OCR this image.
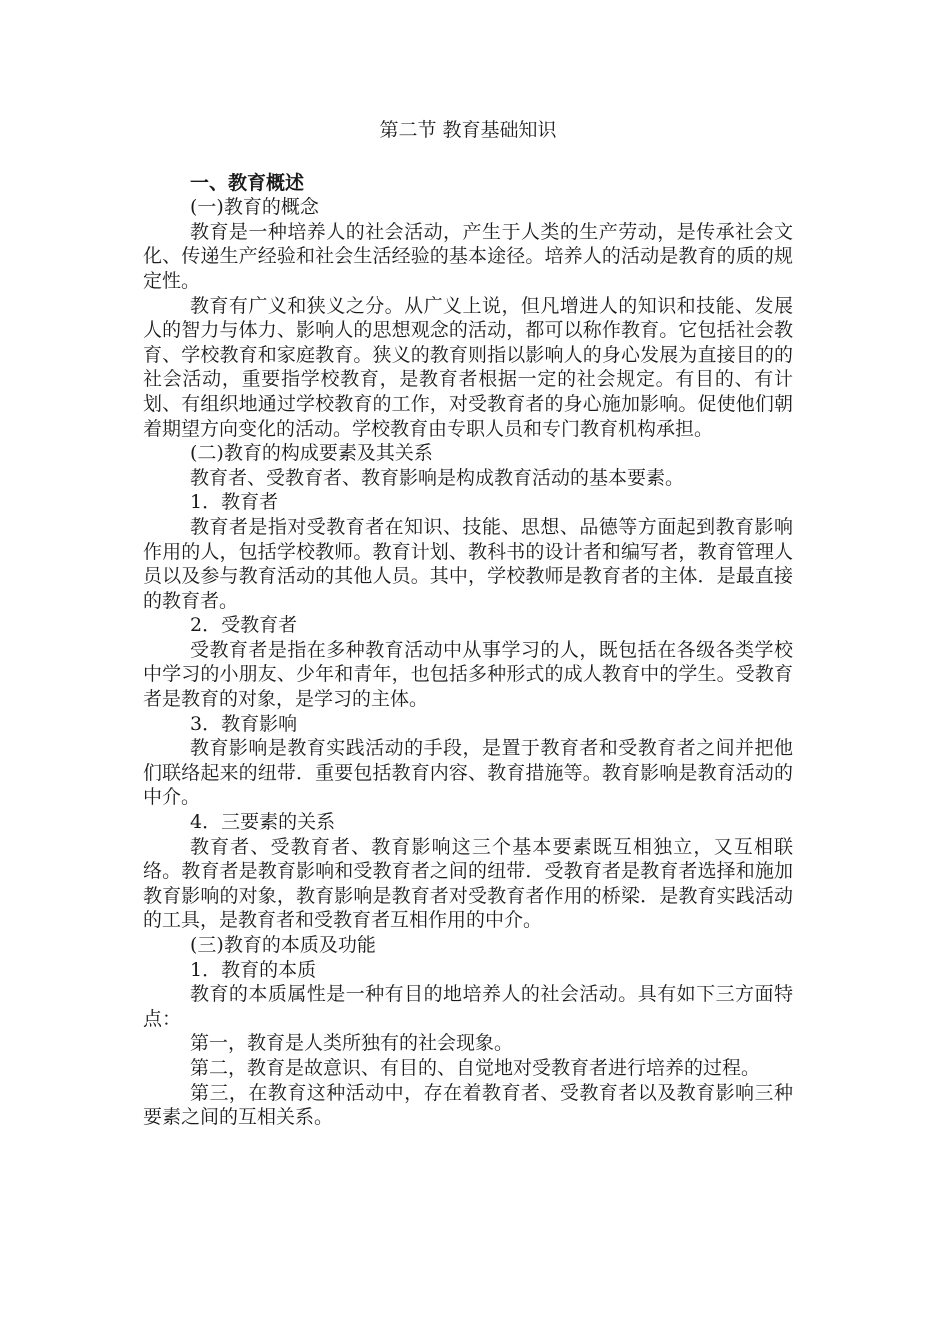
第二节 教育基础知识
一、教育概述

(一)教育的概念

教育是一种培养人的社会活动，产生于人类的生产劳动，是传承社会文化、传递生产经验和社会生活经验的基本途径。培养人的活动是教育的质的规定性。

教育有广义和狭义之分。从广义上说，但凡增进人的知识和技能、发展人的智力与体力、影响人的思想观念的活动，都可以称作教育。它包括社会教育、学校教育和家庭教育。狭义的教育则指以影响人的身心发展为直接目的的社会活动，重要指学校教育，是教育者根据一定的社会规定。有目的、有计划、有组织地通过学校教育的工作，对受教育者的身心施加影响。促使他们朝着期望方向变化的活动。学校教育由专职人员和专门教育机构承担。

(二)教育的构成要素及其关系

教育者、受教育者、教育影响是构成教育活动的基本要素。

1．教育者

教育者是指对受教育者在知识、技能、思想、品德等方面起到教育影响作用的人，包括学校教师。教育计划、教科书的设计者和编写者，教育管理人员以及参与教育活动的其他人员。其中，学校教师是教育者的主体．是最直接的教育者。

2．受教育者

受教育者是指在多种教育活动中从事学习的人，既包括在各级各类学校中学习的小朋友、少年和青年，也包括多种形式的成人教育中的学生。受教育者是教育的对象，是学习的主体。

3．教育影响

教育影响是教育实践活动的手段，是置于教育者和受教育者之间并把他们联络起来的纽带．重要包括教育内容、教育措施等。教育影响是教育活动的中介。

4．三要素的关系

教育者、受教育者、教育影响这三个基本要素既互相独立，又互相联络。教育者是教育影响和受教育者之间的纽带．受教育者是教育者选择和施加教育影响的对象，教育影响是教育者对受教育者作用的桥梁．是教育实践活动的工具，是教育者和受教育者互相作用的中介。

(三)教育的本质及功能

1．教育的本质

教育的本质属性是一种有目的地培养人的社会活动。具有如下三方面特点：

第一，教育是人类所独有的社会现象。

第二，教育是故意识、有目的、自觉地对受教育者进行培养的过程。

第三，在教育这种活动中，存在着教育者、受教育者以及教育影响三种要素之间的互相关系。
